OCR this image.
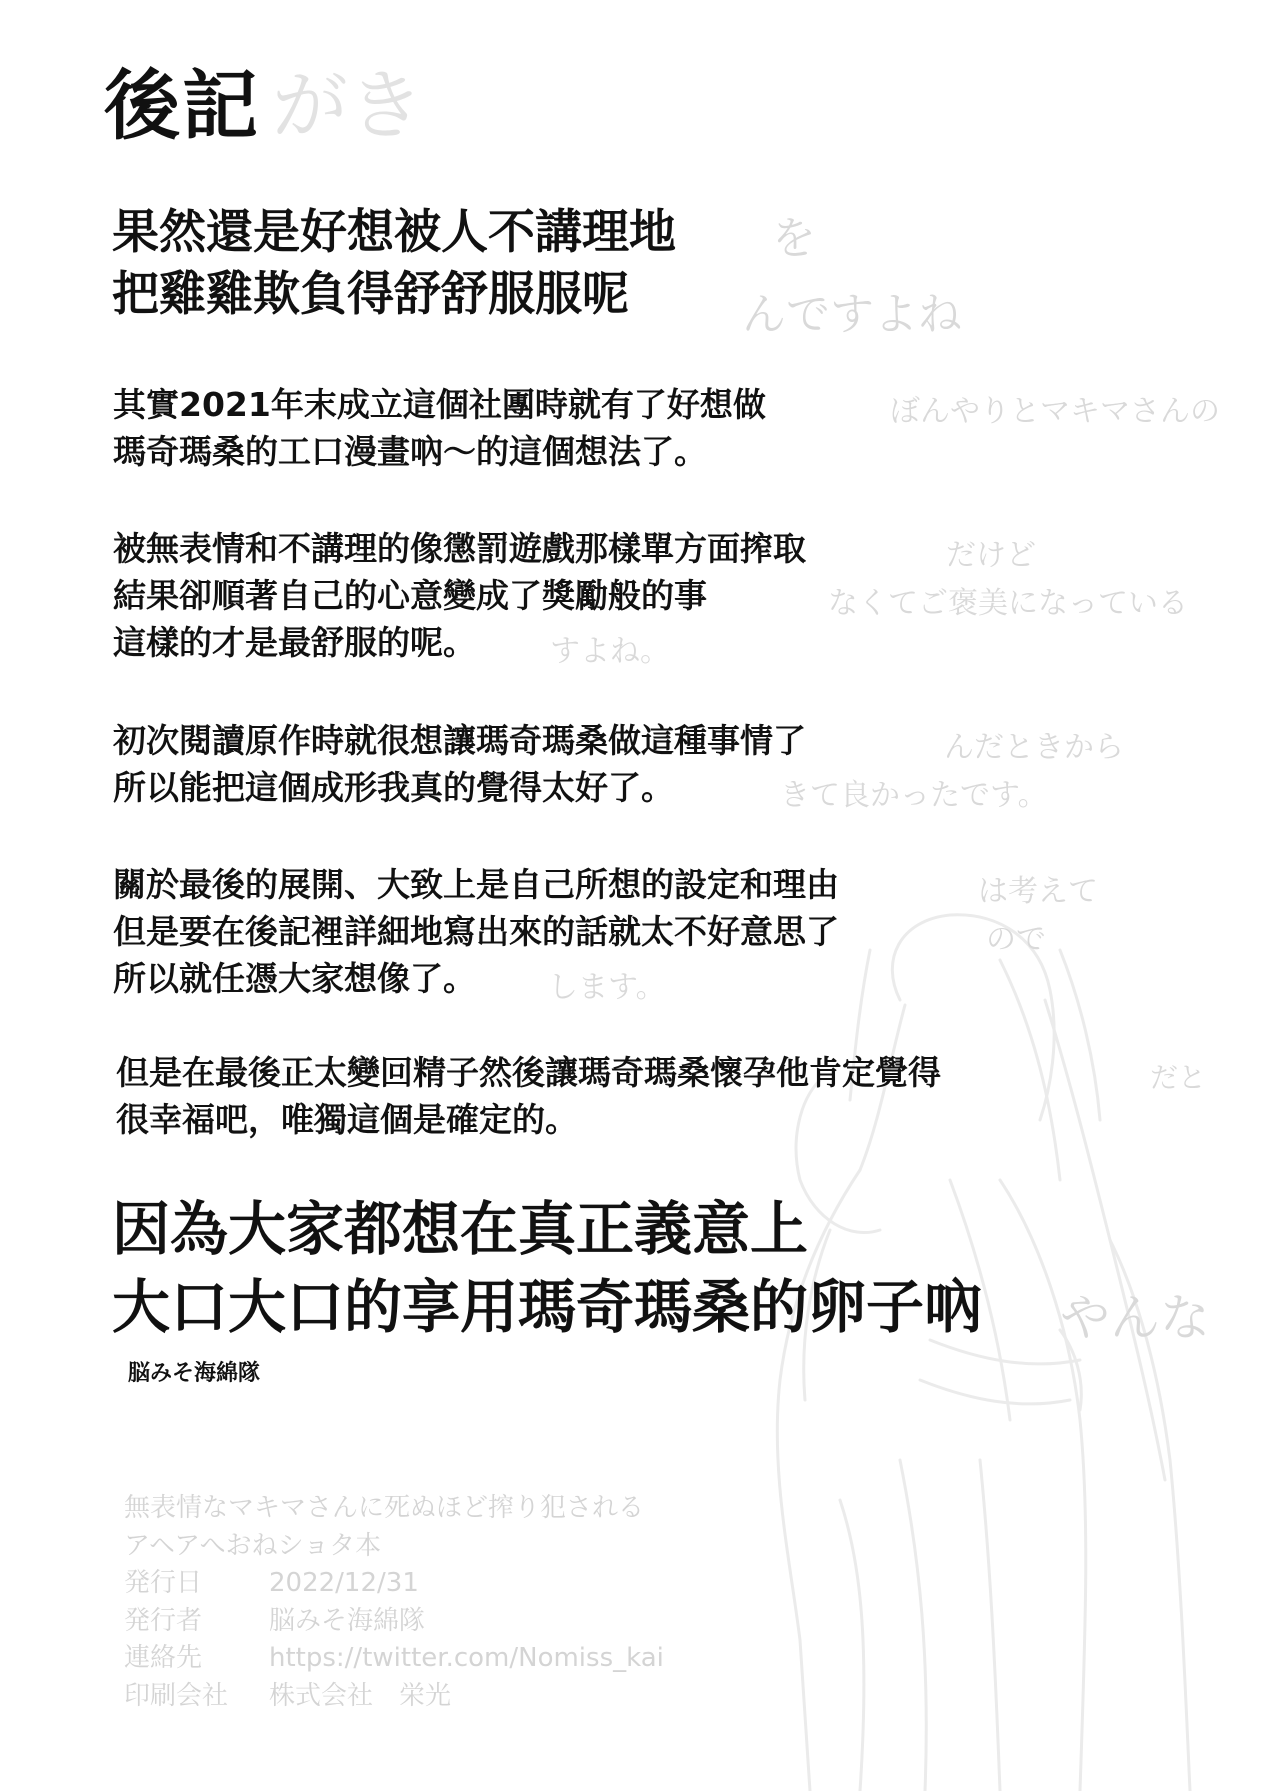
がき
を
んですよね
ぼんやりとマキマさんの
だけど
なくてご褒美になっている
すよね。
んだときから
きて良かったです。
は考えて
ので
します。
だと
やんな
後記
果然還是好想被人不講理地
把雞雞欺負得舒舒服服呢
其實2021年末成立這個社團時就有了好想做
瑪奇瑪桑的工口漫畫吶～的這個想法了。
被無表情和不講理的像懲罰遊戲那樣單方面搾取
結果卻順著自己的心意變成了獎勵般的事
這樣的才是最舒服的呢。
初次閱讀原作時就很想讓瑪奇瑪桑做這種事情了
所以能把這個成形我真的覺得太好了。
關於最後的展開、大致上是自己所想的設定和理由
但是要在後記裡詳細地寫出來的話就太不好意思了
所以就任憑大家想像了。
但是在最後正太變回精子然後讓瑪奇瑪桑懷孕他肯定覺得
很幸福吧，唯獨這個是確定的。
因為大家都想在真正義意上
大口大口的享用瑪奇瑪桑的卵子吶
脳みそ海綿隊
無表情なマキマさんに死ぬほど搾り犯される
アヘアへおねショタ本
発行日	2022/12/31
発行者	脳みそ海綿隊
連絡先	https://twitter.com/Nomiss_kai
印刷会社	株式会社　栄光
